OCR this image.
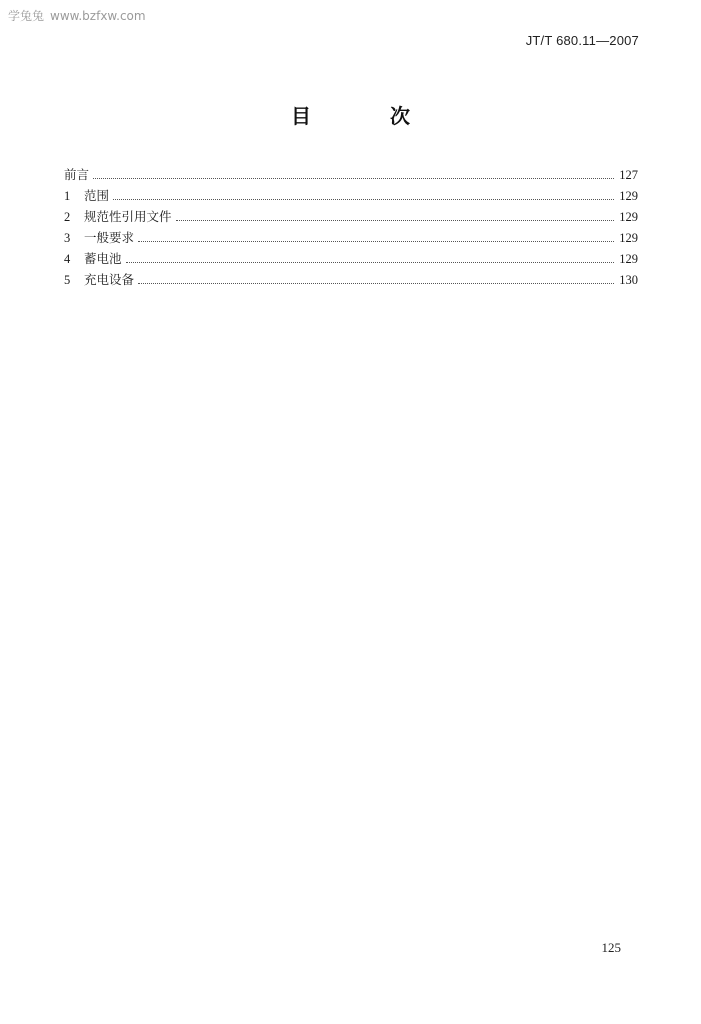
学兔兔 www.bzfxw.com
JT/T 680.11—2007
目 次
前言	127
1	范围	129
2	规范性引用文件	129
3	一般要求	129
4	蓄电池	129
5	充电设备	130
125
